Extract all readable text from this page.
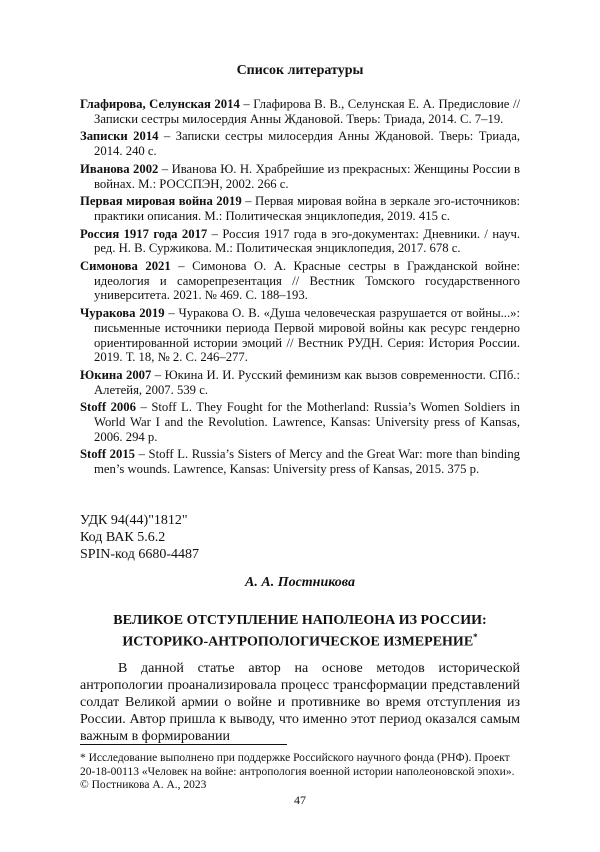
Список литературы
Глафирова, Селунская 2014 – Глафирова В. В., Селунская Е. А. Предисловие // Записки сестры милосердия Анны Ждановой. Тверь: Триада, 2014. С. 7–19.
Записки 2014 – Записки сестры милосердия Анны Ждановой. Тверь: Триада, 2014. 240 с.
Иванова 2002 – Иванова Ю. Н. Храбрейшие из прекрасных: Женщины России в войнах. М.: РОССПЭН, 2002. 266 с.
Первая мировая война 2019 – Первая мировая война в зеркале эго-источников: практики описания. М.: Политическая энциклопедия, 2019. 415 с.
Россия 1917 года 2017 – Россия 1917 года в эго-документах: Дневники. / науч. ред. Н. В. Суржикова. М.: Политическая энциклопедия, 2017. 678 с.
Симонова 2021 – Симонова О. А. Красные сестры в Гражданской войне: идеология и саморепрезентация // Вестник Томского государственного университета. 2021. № 469. С. 188–193.
Чуракова 2019 – Чуракова О. В. «Душа человеческая разрушается от войны...»: письменные источники периода Первой мировой войны как ресурс гендерно ориентированной истории эмоций // Вестник РУДН. Серия: История России. 2019. Т. 18, № 2. С. 246–277.
Юкина 2007 – Юкина И. И. Русский феминизм как вызов современности. СПб.: Алетейя, 2007. 539 с.
Stoff 2006 – Stoff L. They Fought for the Motherland: Russia’s Women Soldiers in World War I and the Revolution. Lawrence, Kansas: University press of Kansas, 2006. 294 p.
Stoff 2015 – Stoff L. Russia’s Sisters of Mercy and the Great War: more than binding men’s wounds. Lawrence, Kansas: University press of Kansas, 2015. 375 p.
УДК 94(44)"1812"
Код ВАК 5.6.2
SPIN-код 6680-4487
А. А. Постникова
ВЕЛИКОЕ ОТСТУПЛЕНИЕ НАПОЛЕОНА ИЗ РОССИИ:
ИСТОРИКО-АНТРОПОЛОГИЧЕСКОЕ ИЗМЕРЕНИЕ*

В данной статье автор на основе методов исторической антропологии проанализировала процесс трансформации представлений солдат Великой армии о войне и противнике во время отступления из России. Автор пришла к выводу, что именно этот период оказался самым важным в формировании

* Исследование выполнено при поддержке Российского научного фонда (РНФ). Проект 20-18-00113 «Человек на войне: антропология военной истории наполеоновской эпохи».
© Постникова А. А., 2023
47
